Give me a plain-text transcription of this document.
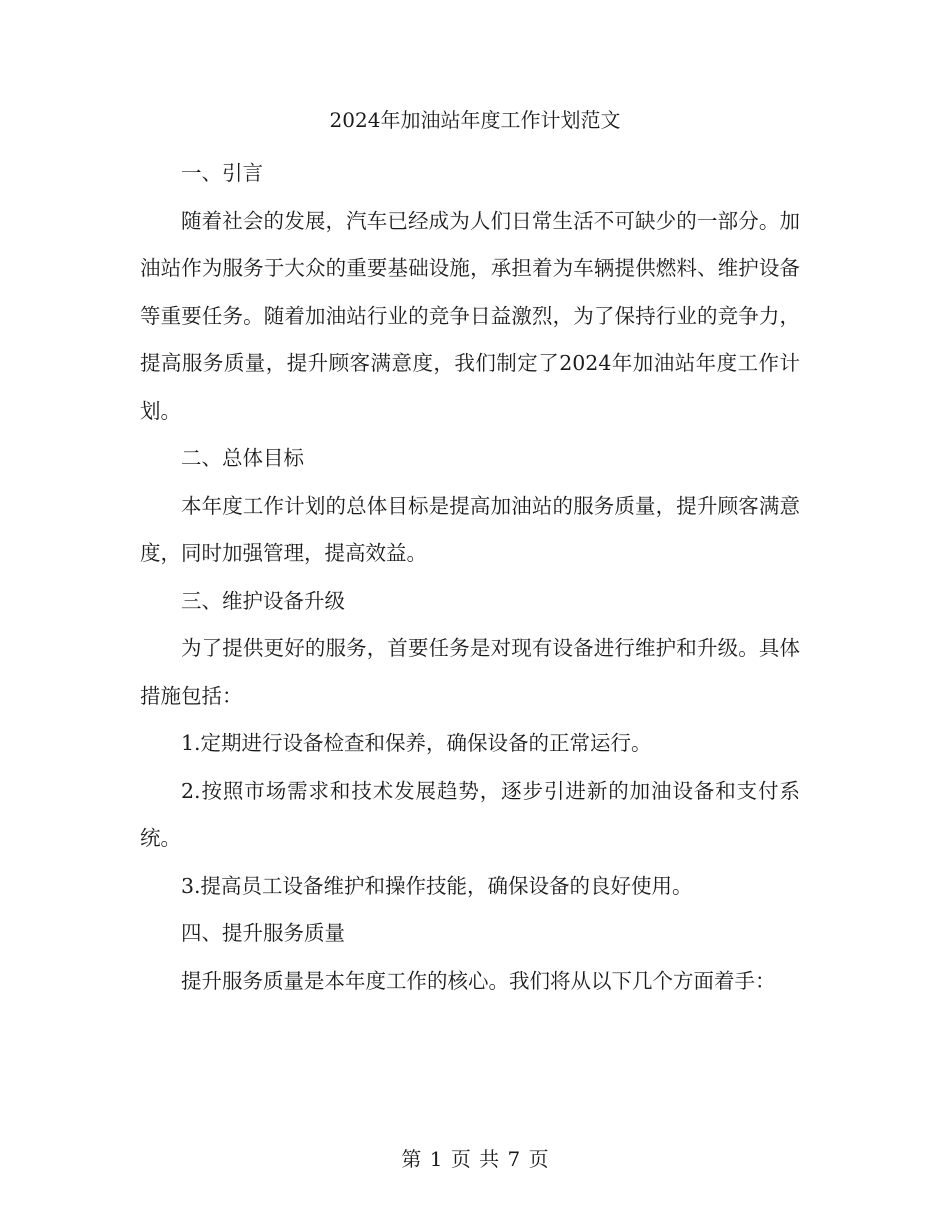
2024年加油站年度工作计划范文

一、引言

随着社会的发展，汽车已经成为人们日常生活不可缺少的一部分。加油站作为服务于大众的重要基础设施，承担着为车辆提供燃料、维护设备等重要任务。随着加油站行业的竞争日益激烈，为了保持行业的竞争力，提高服务质量，提升顾客满意度，我们制定了2024年加油站年度工作计划。

二、总体目标

本年度工作计划的总体目标是提高加油站的服务质量，提升顾客满意度，同时加强管理，提高效益。

三、维护设备升级

为了提供更好的服务，首要任务是对现有设备进行维护和升级。具体措施包括：

1.定期进行设备检查和保养，确保设备的正常运行。

2.按照市场需求和技术发展趋势，逐步引进新的加油设备和支付系统。

3.提高员工设备维护和操作技能，确保设备的良好使用。

四、提升服务质量

提升服务质量是本年度工作的核心。我们将从以下几个方面着手：

第 1 页 共 7 页
